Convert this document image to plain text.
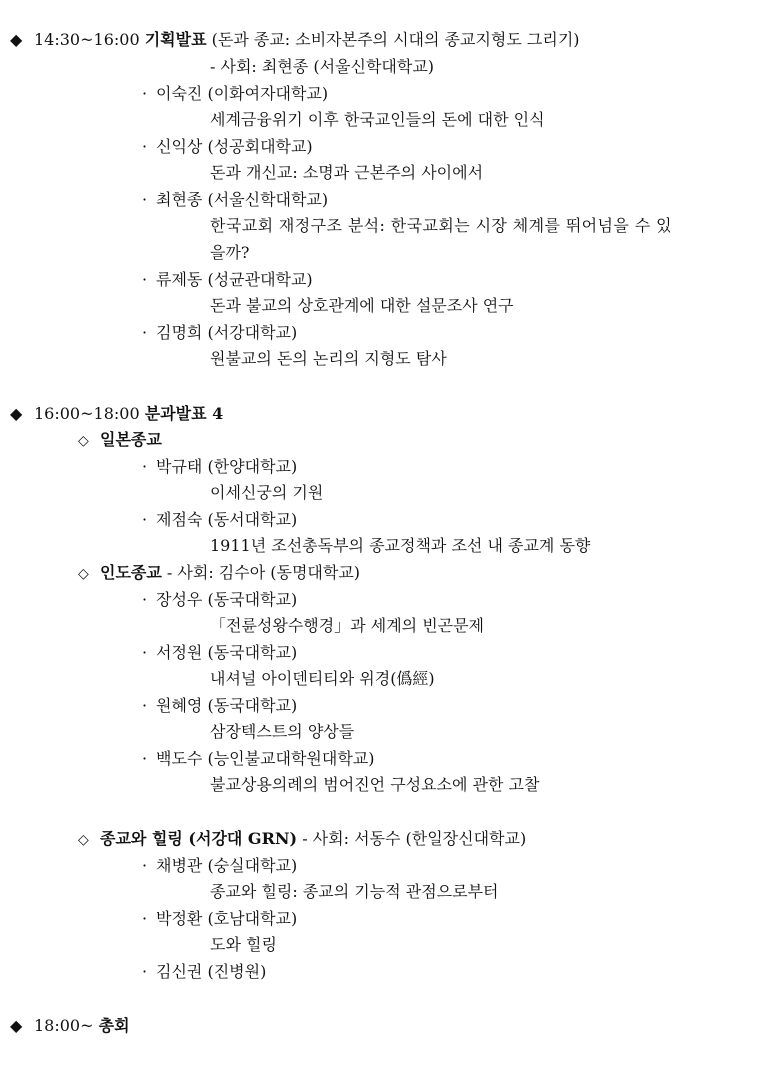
◆ 14:30~16:00 기획발표 (돈과 종교: 소비자본주의 시대의 종교지형도 그리기)
- 사회: 최현종 (서울신학대학교)
· 이숙진 (이화여자대학교)
세계금융위기 이후 한국교인들의 돈에 대한 인식
· 신익상 (성공회대학교)
돈과 개신교: 소명과 근본주의 사이에서
· 최현종 (서울신학대학교)
한국교회 재정구조 분석: 한국교회는 시장 체계를 뛰어넘을 수 있
을까?
· 류제동 (성균관대학교)
돈과 불교의 상호관계에 대한 설문조사 연구
· 김명희 (서강대학교)
원불교의 돈의 논리의 지형도 탐사
◆ 16:00~18:00 분과발표 4
◇ 일본종교
· 박규태 (한양대학교)
이세신궁의 기원
· 제점숙 (동서대학교)
1911년 조선총독부의 종교정책과 조선 내 종교계 동향
◇ 인도종교 - 사회: 김수아 (동명대학교)
· 장성우 (동국대학교)
「전륜성왕수행경」과 세계의 빈곤문제
· 서정원 (동국대학교)
내셔널 아이덴티티와 위경(僞經)
· 원혜영 (동국대학교)
삼장텍스트의 양상들
· 백도수 (능인불교대학원대학교)
불교상용의례의 범어진언 구성요소에 관한 고찰
◇ 종교와 힐링 (서강대 GRN) - 사회: 서동수 (한일장신대학교)
· 채병관 (숭실대학교)
종교와 힐링: 종교의 기능적 관점으로부터
· 박정환 (호남대학교)
도와 힐링
· 김신권 (진병원)
◆ 18:00~ 총회
